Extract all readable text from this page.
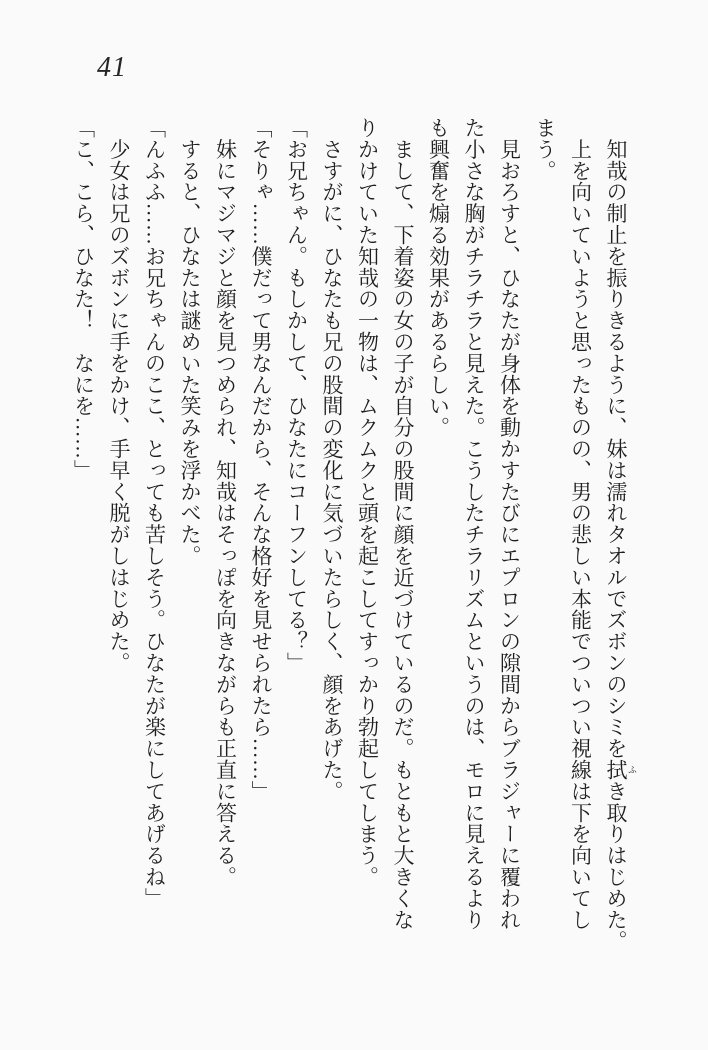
41
　知哉の制止を振りきるように、妹は濡れタオルでズボンのシミを拭 ふき取りはじめた。
　上を向いていようと思ったものの、男の悲しい本能でついつい視線は下を向いてし
まう。
　見おろすと、ひなたが身体を動かすたびにエプロンの隙間からブラジャーに覆われ
た小さな胸がチラチラと見えた。こうしたチラリズムというのは、モロに見えるより
も興奮を煽る効果があるらしい。
　まして、下着姿の女の子が自分の股間に顔を近づけているのだ。もともと大きくな
りかけていた知哉の一物は、ムクムクと頭を起こしてすっかり勃起してしまう。
　さすがに、ひなたも兄の股間の変化に気づいたらしく、顔をあげた。
「お兄ちゃん。もしかして、ひなたにコーフンしてる？」
「そりゃ……僕だって男なんだから、そんな格好を見せられたら……」
　妹にマジマジと顔を見つめられ、知哉はそっぽを向きながらも正直に答える。
　すると、ひなたは謎めいた笑みを浮かべた。
「んふふ……お兄ちゃんのここ、とっても苦しそう。ひなたが楽にしてあげるね」
　少女は兄のズボンに手をかけ、手早く脱がしはじめた。
「こ、こら、ひなた！　なにを……」
